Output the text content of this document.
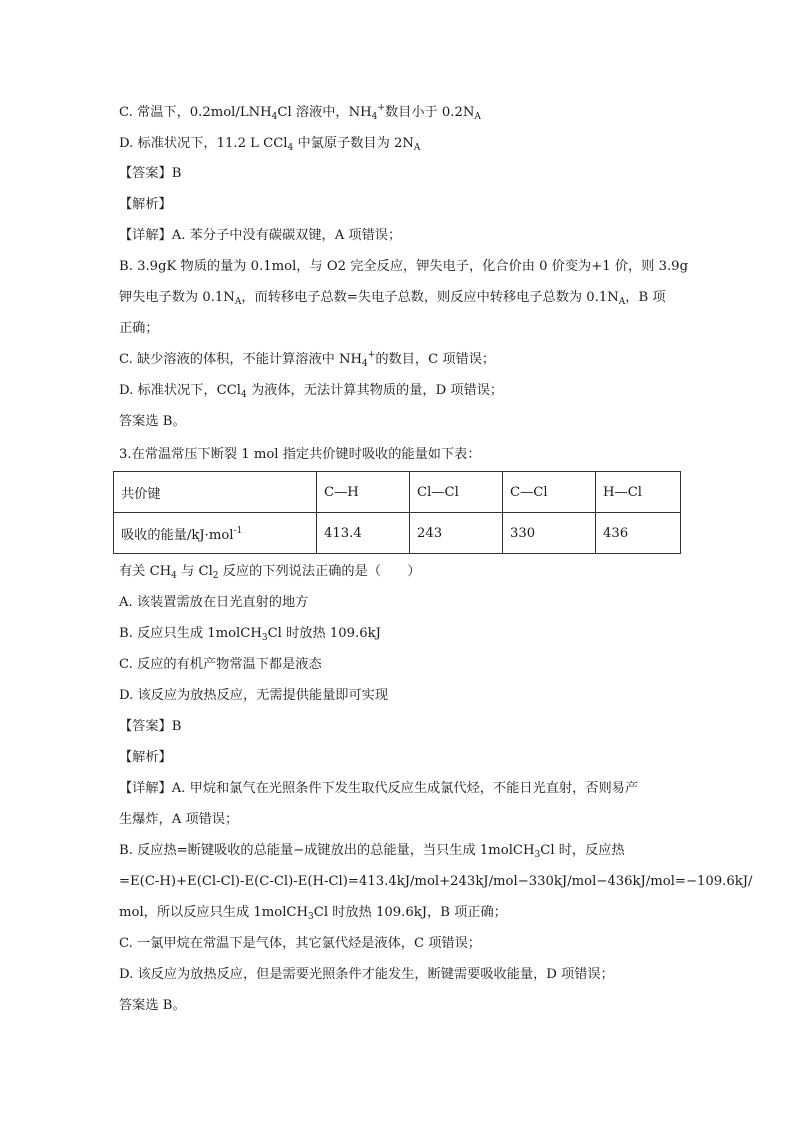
C. 常温下，$0.2mol/LNH_4Cl$ 溶液中，$NH_4^+$数目小于 $0.2N_A$
D. 标准状况下，11.2 L CCl$_4$ 中氯原子数目为 $2N_A$
【答案】B
【解析】
【详解】A. 苯分子中没有碳碳双键，A 项错误；
B. 3.9gK 物质的量为 0.1mol，与 O2 完全反应，钾失电子，化合价由 0 价变为+1 价，则 3.9g
钾失电子数为 $0.1N_A$，而转移电子总数=失电子总数，则反应中转移电子总数为 $0.1N_A$，B 项
正确；
C. 缺少溶液的体积，不能计算溶液中 $NH_4^+$的数目，C 项错误；
D. 标准状况下，CCl$_4$ 为液体，无法计算其物质的量，D 项错误；
答案选 B。
3.在常温常压下断裂 1 mol 指定共价键时吸收的能量如下表：
共价键	C—H	Cl—Cl	C—Cl	H—Cl
吸收的能量/kJ·mol$^{-1}$	413.4	243	330	436
有关 $CH_4$ 与 $Cl_2$ 反应的下列说法正确的是（　　）
A. 该装置需放在日光直射的地方
B. 反应只生成 1molCH$_3$Cl 时放热 109.6kJ
C. 反应的有机产物常温下都是液态
D. 该反应为放热反应，无需提供能量即可实现
【答案】B
【解析】
【详解】A. 甲烷和氯气在光照条件下发生取代反应生成氯代烃，不能日光直射，否则易产
生爆炸，A 项错误；
B. 反应热=断键吸收的总能量−成键放出的总能量，当只生成 1molCH$_3$Cl 时，反应热
=E(C-H)+E(Cl-Cl)-E(C-Cl)-E(H-Cl)=413.4kJ/mol+243kJ/mol−330kJ/mol−436kJ/mol=−109.6kJ/
mol，所以反应只生成 1molCH$_3$Cl 时放热 109.6kJ，B 项正确；
C. 一氯甲烷在常温下是气体，其它氯代烃是液体，C 项错误；
D. 该反应为放热反应，但是需要光照条件才能发生，断键需要吸收能量，D 项错误；
答案选 B。
